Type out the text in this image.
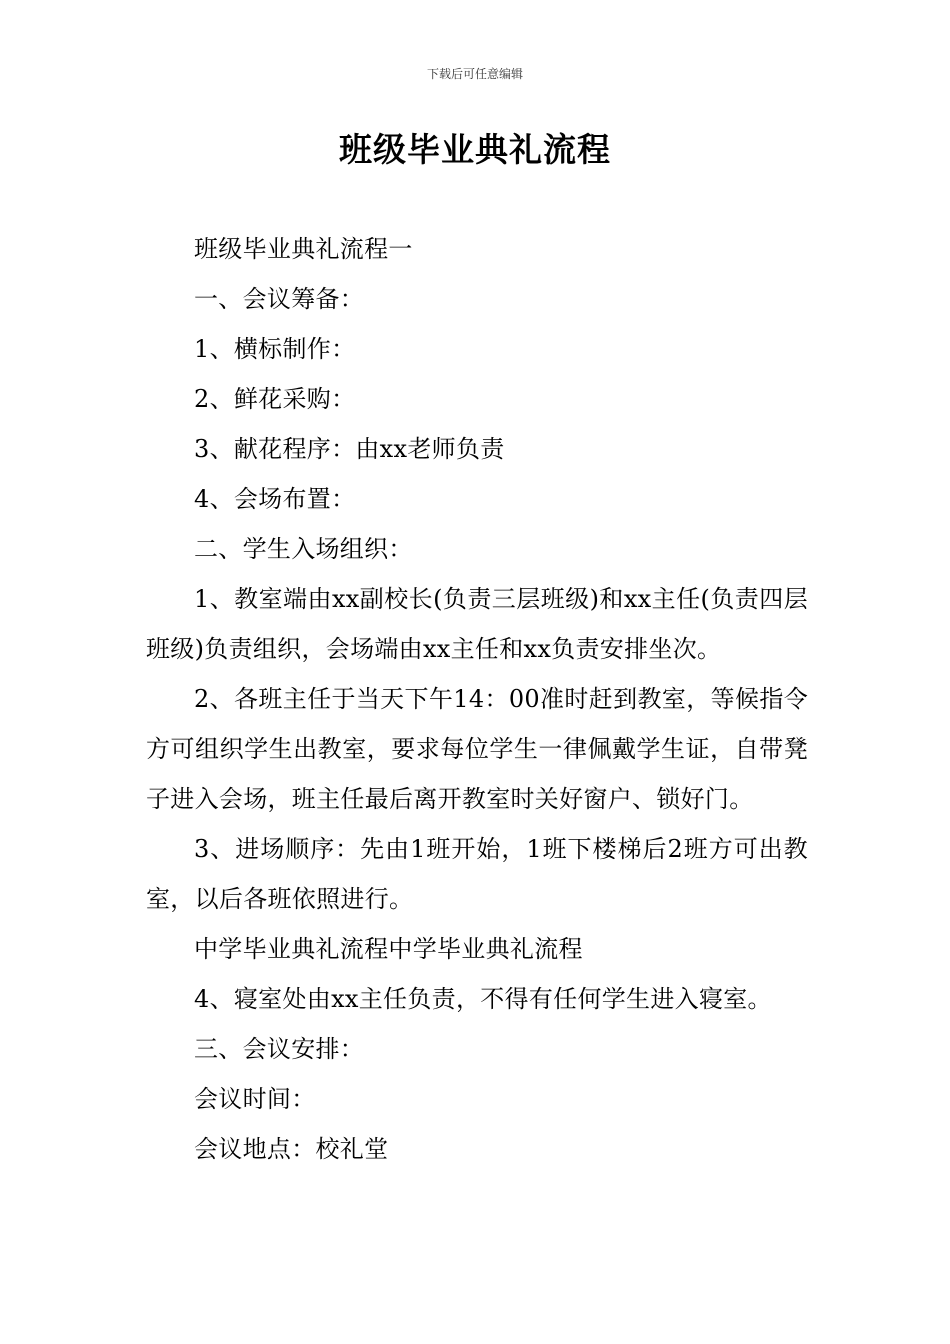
下载后可任意编辑
班级毕业典礼流程

班级毕业典礼流程一

一、会议筹备：

1、横标制作：

2、鲜花采购：

3、献花程序：由xx老师负责

4、会场布置：

二、学生入场组织：

1、教室端由xx副校长(负责三层班级)和xx主任(负责四层班级)负责组织，会场端由xx主任和xx负责安排坐次。

2、各班主任于当天下午14：00准时赶到教室，等候指令方可组织学生出教室，要求每位学生一律佩戴学生证，自带凳子进入会场，班主任最后离开教室时关好窗户、锁好门。

3、进场顺序：先由1班开始，1班下楼梯后2班方可出教室，以后各班依照进行。

中学毕业典礼流程中学毕业典礼流程

4、寝室处由xx主任负责，不得有任何学生进入寝室。

三、会议安排：

会议时间：

会议地点：校礼堂
